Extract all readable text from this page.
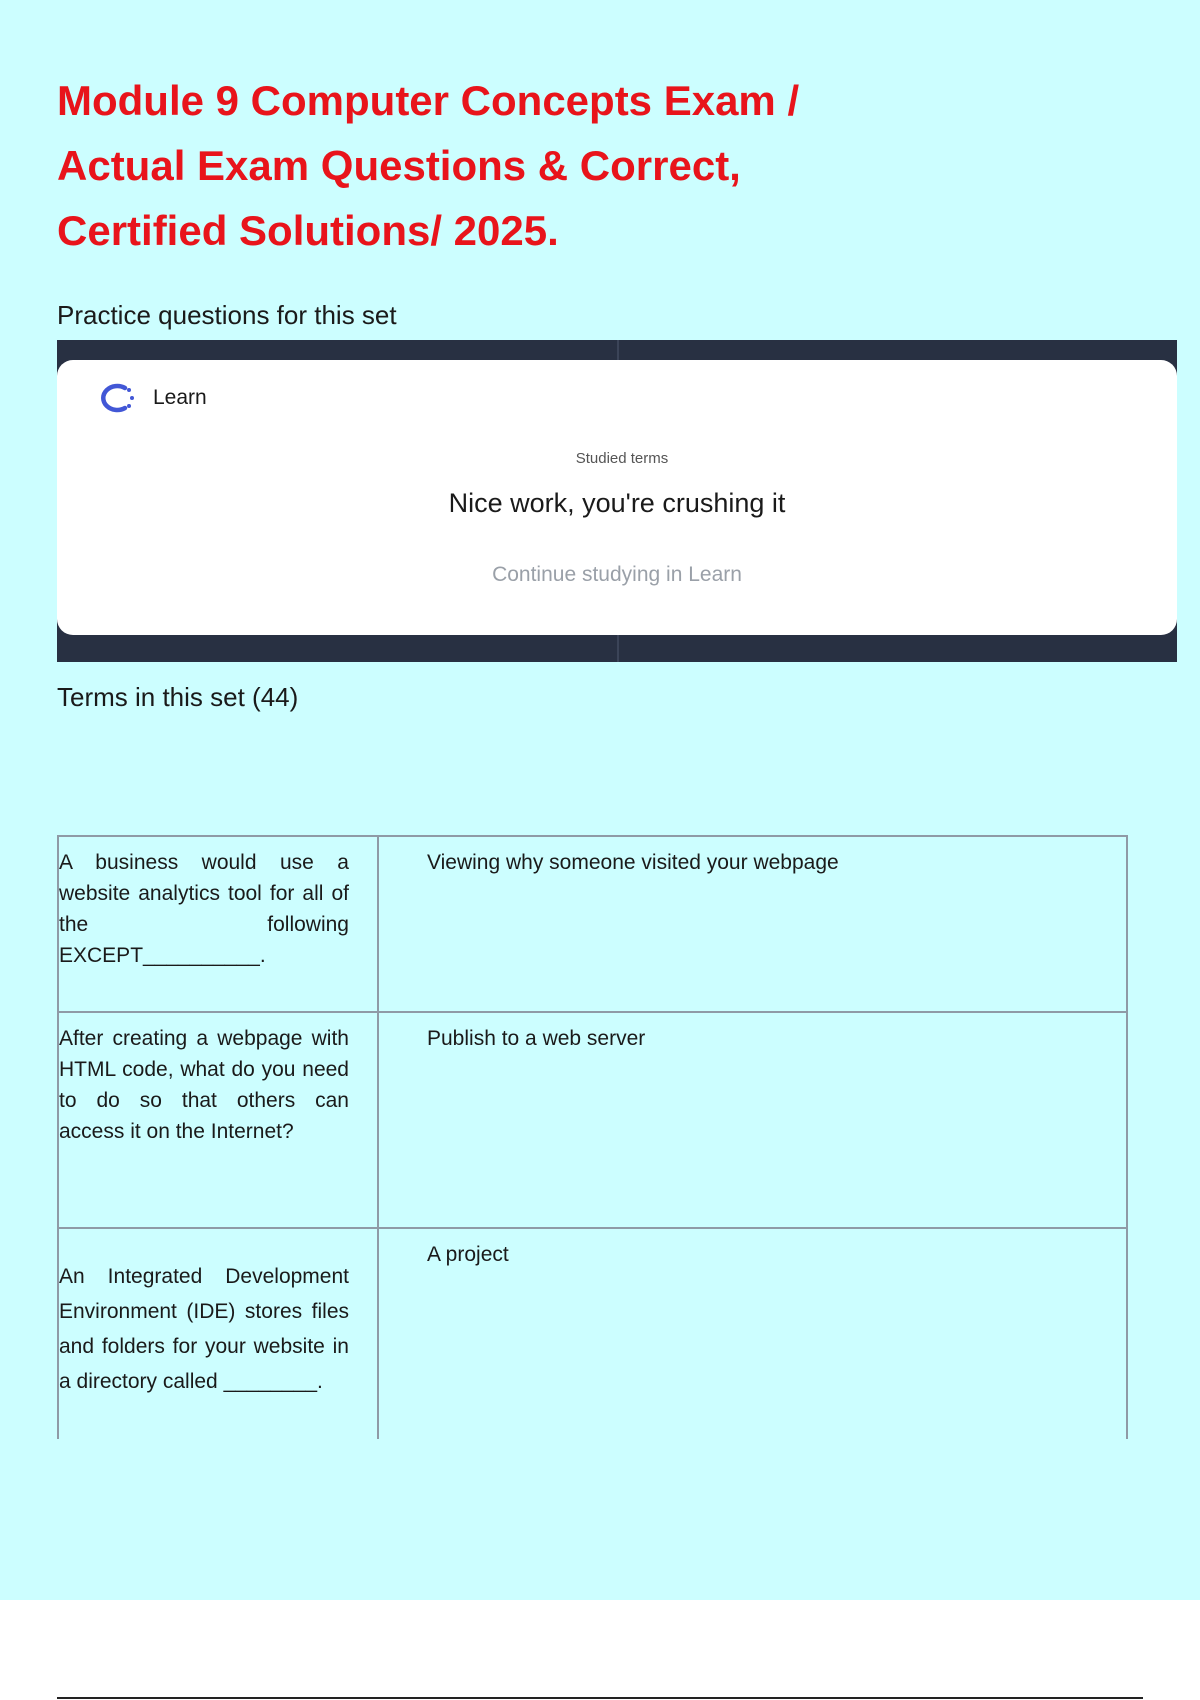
Module 9 Computer Concepts Exam /
Actual Exam Questions & Correct,
Certified Solutions/ 2025.
Practice questions for this set
Learn
Studied terms
Nice work, you're crushing it
Continue studying in Learn
Terms in this set (44)
A business would use a website analytics tool for all of the following EXCEPT__________.
Viewing why someone visited your webpage
After creating a webpage with HTML code, what do you need to do so that others can access it on the Internet?
Publish to a web server
An Integrated Development Environment (IDE) stores files and folders for your website in a directory called ________.
A project
